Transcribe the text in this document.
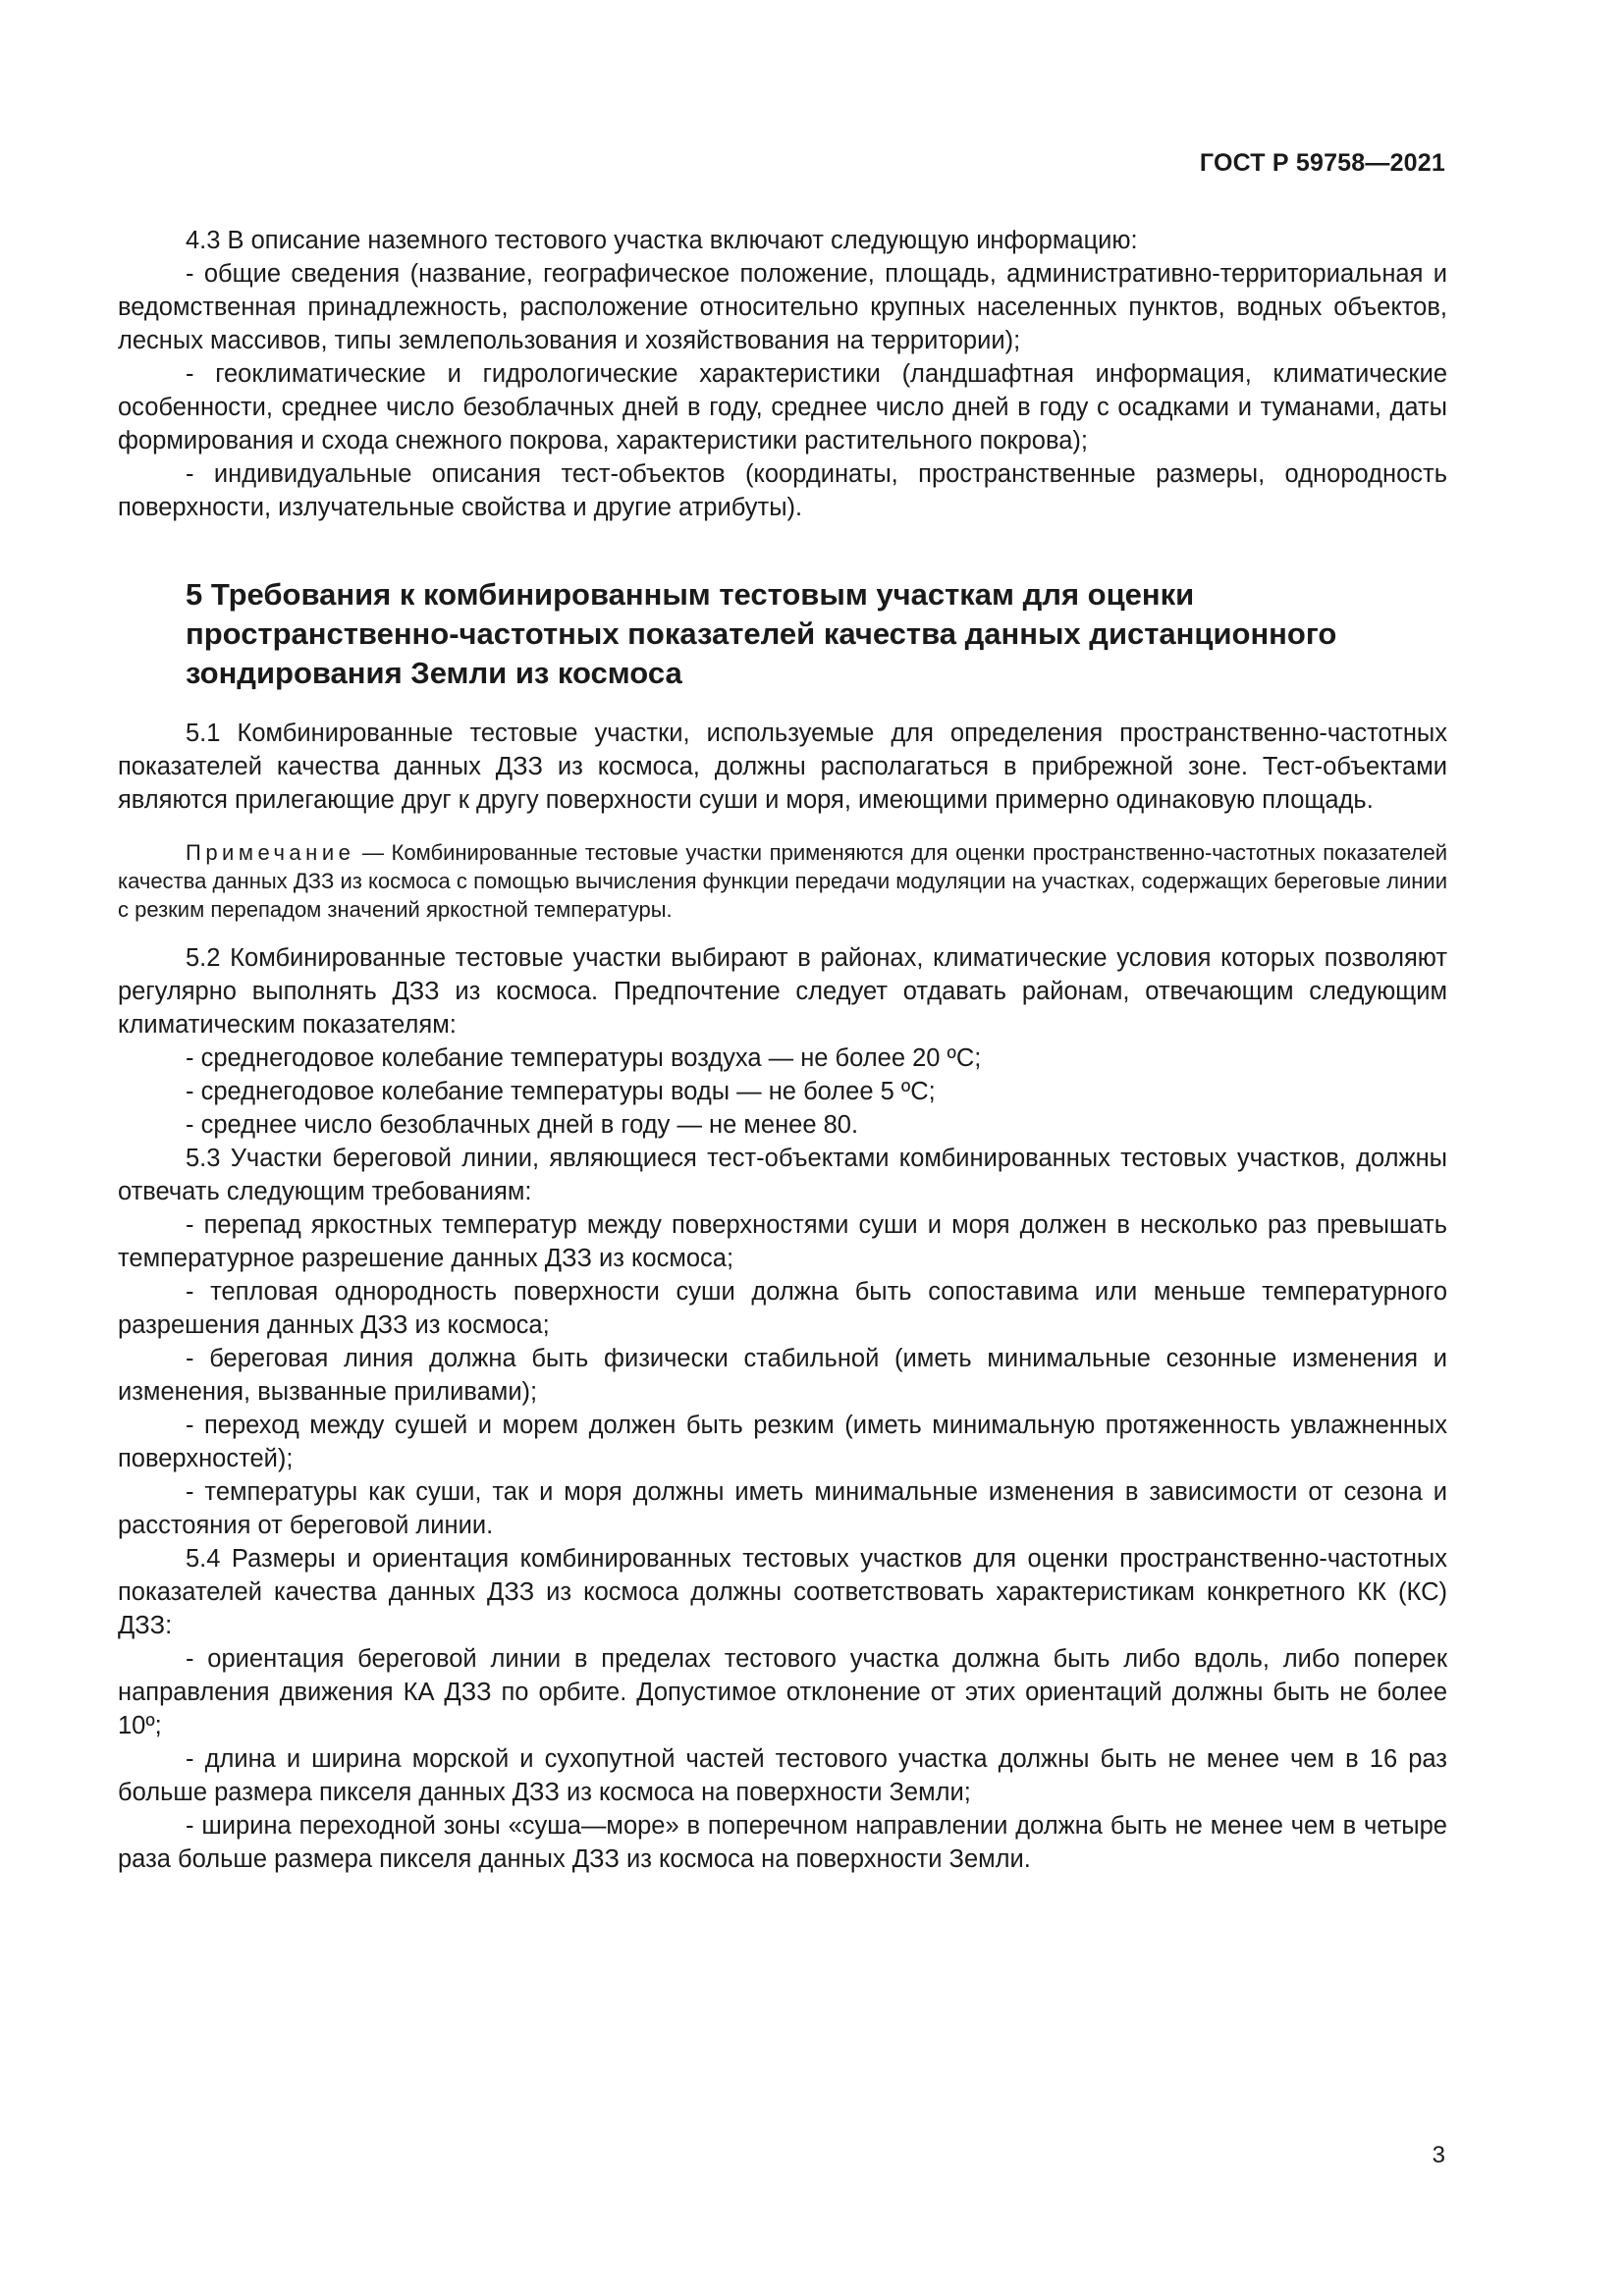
ГОСТ Р 59758—2021

4.3 В описание наземного тестового участка включают следующую информацию:

- общие сведения (название, географическое положение, площадь, административно-территориальная и ведомственная принадлежность, расположение относительно крупных населенных пунктов, водных объектов, лесных массивов, типы землепользования и хозяйствования на территории);

- геоклиматические и гидрологические характеристики (ландшафтная информация, климатические особенности, среднее число безоблачных дней в году, среднее число дней в году с осадками и туманами, даты формирования и схода снежного покрова, характеристики растительного покрова);

- индивидуальные описания тест-объектов (координаты, пространственные размеры, однородность поверхности, излучательные свойства и другие атрибуты).

5 Требования к комбинированным тестовым участкам для оценки пространственно-частотных показателей качества данных дистанционного зондирования Земли из космоса

5.1 Комбинированные тестовые участки, используемые для определения пространственно-частотных показателей качества данных ДЗЗ из космоса, должны располагаться в прибрежной зоне. Тест-объектами являются прилегающие друг к другу поверхности суши и моря, имеющими примерно одинаковую площадь.

Примечание — Комбинированные тестовые участки применяются для оценки пространственно-частотных показателей качества данных ДЗЗ из космоса с помощью вычисления функции передачи модуляции на участках, содержащих береговые линии с резким перепадом значений яркостной температуры.

5.2 Комбинированные тестовые участки выбирают в районах, климатические условия которых позволяют регулярно выполнять ДЗЗ из космоса. Предпочтение следует отдавать районам, отвечающим следующим климатическим показателям:

- среднегодовое колебание температуры воздуха — не более 20 ºС;

- среднегодовое колебание температуры воды — не более 5 ºС;

- среднее число безоблачных дней в году — не менее 80.

5.3 Участки береговой линии, являющиеся тест-объектами комбинированных тестовых участков, должны отвечать следующим требованиям:

- перепад яркостных температур между поверхностями суши и моря должен в несколько раз превышать температурное разрешение данных ДЗЗ из космоса;

- тепловая однородность поверхности суши должна быть сопоставима или меньше температурного разрешения данных ДЗЗ из космоса;

- береговая линия должна быть физически стабильной (иметь минимальные сезонные изменения и изменения, вызванные приливами);

- переход между сушей и морем должен быть резким (иметь минимальную протяженность увлажненных поверхностей);

- температуры как суши, так и моря должны иметь минимальные изменения в зависимости от сезона и расстояния от береговой линии.

5.4 Размеры и ориентация комбинированных тестовых участков для оценки пространственно-частотных показателей качества данных ДЗЗ из космоса должны соответствовать характеристикам конкретного КК (КС) ДЗЗ:

- ориентация береговой линии в пределах тестового участка должна быть либо вдоль, либо поперек направления движения КА ДЗЗ по орбите. Допустимое отклонение от этих ориентаций должны быть не более 10º;

- длина и ширина морской и сухопутной частей тестового участка должны быть не менее чем в 16 раз больше размера пикселя данных ДЗЗ из космоса на поверхности Земли;

- ширина переходной зоны «суша—море» в поперечном направлении должна быть не менее чем в четыре раза больше размера пикселя данных ДЗЗ из космоса на поверхности Земли.

3
